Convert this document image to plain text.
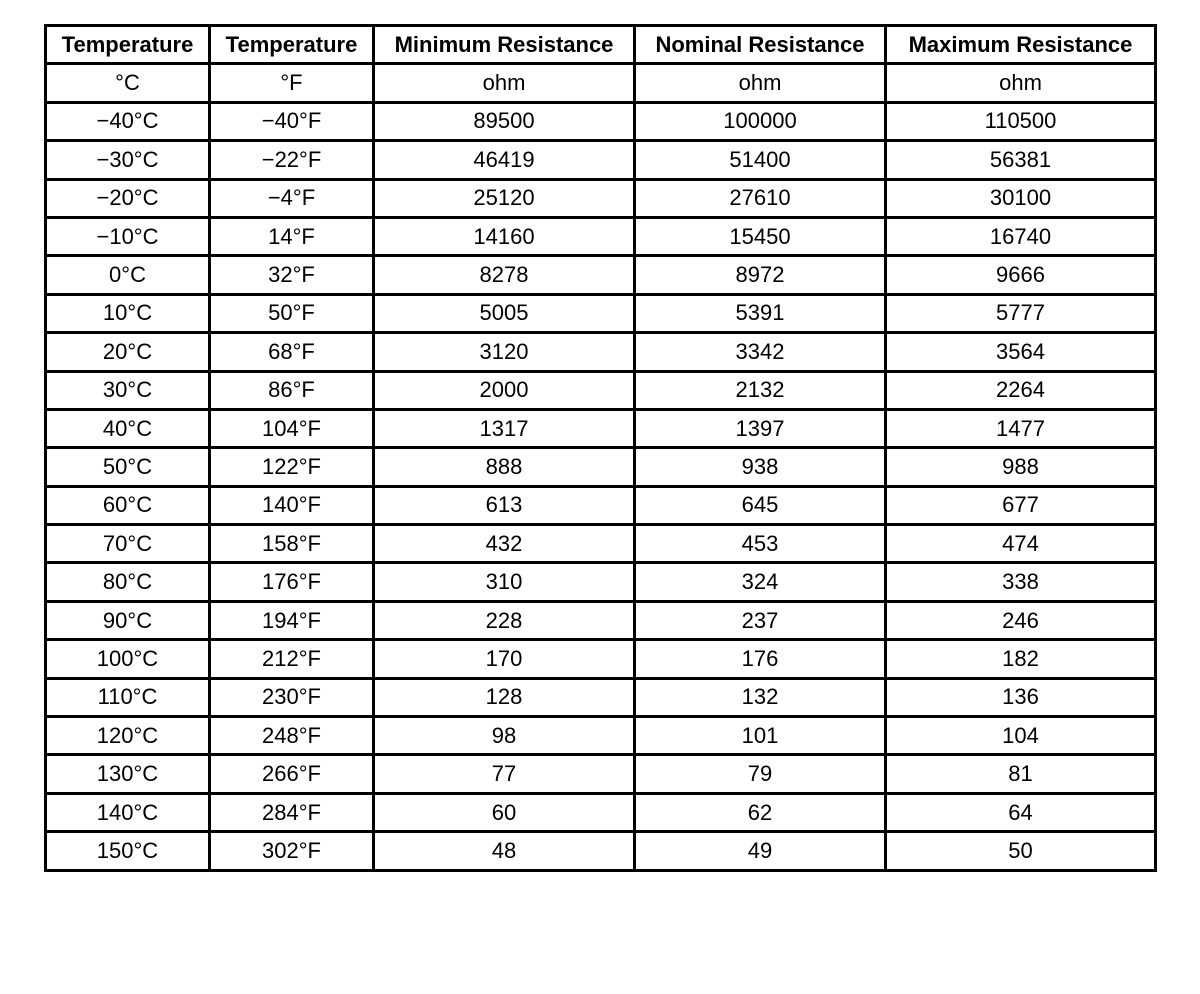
Temperature	Temperature	Minimum Resistance	Nominal Resistance	Maximum Resistance
°C	°F	ohm	ohm	ohm
−40°C	−40°F	89500	100000	110500
−30°C	−22°F	46419	51400	56381
−20°C	−4°F	25120	27610	30100
−10°C	14°F	14160	15450	16740
0°C	32°F	8278	8972	9666
10°C	50°F	5005	5391	5777
20°C	68°F	3120	3342	3564
30°C	86°F	2000	2132	2264
40°C	104°F	1317	1397	1477
50°C	122°F	888	938	988
60°C	140°F	613	645	677
70°C	158°F	432	453	474
80°C	176°F	310	324	338
90°C	194°F	228	237	246
100°C	212°F	170	176	182
110°C	230°F	128	132	136
120°C	248°F	98	101	104
130°C	266°F	77	79	81
140°C	284°F	60	62	64
150°C	302°F	48	49	50
